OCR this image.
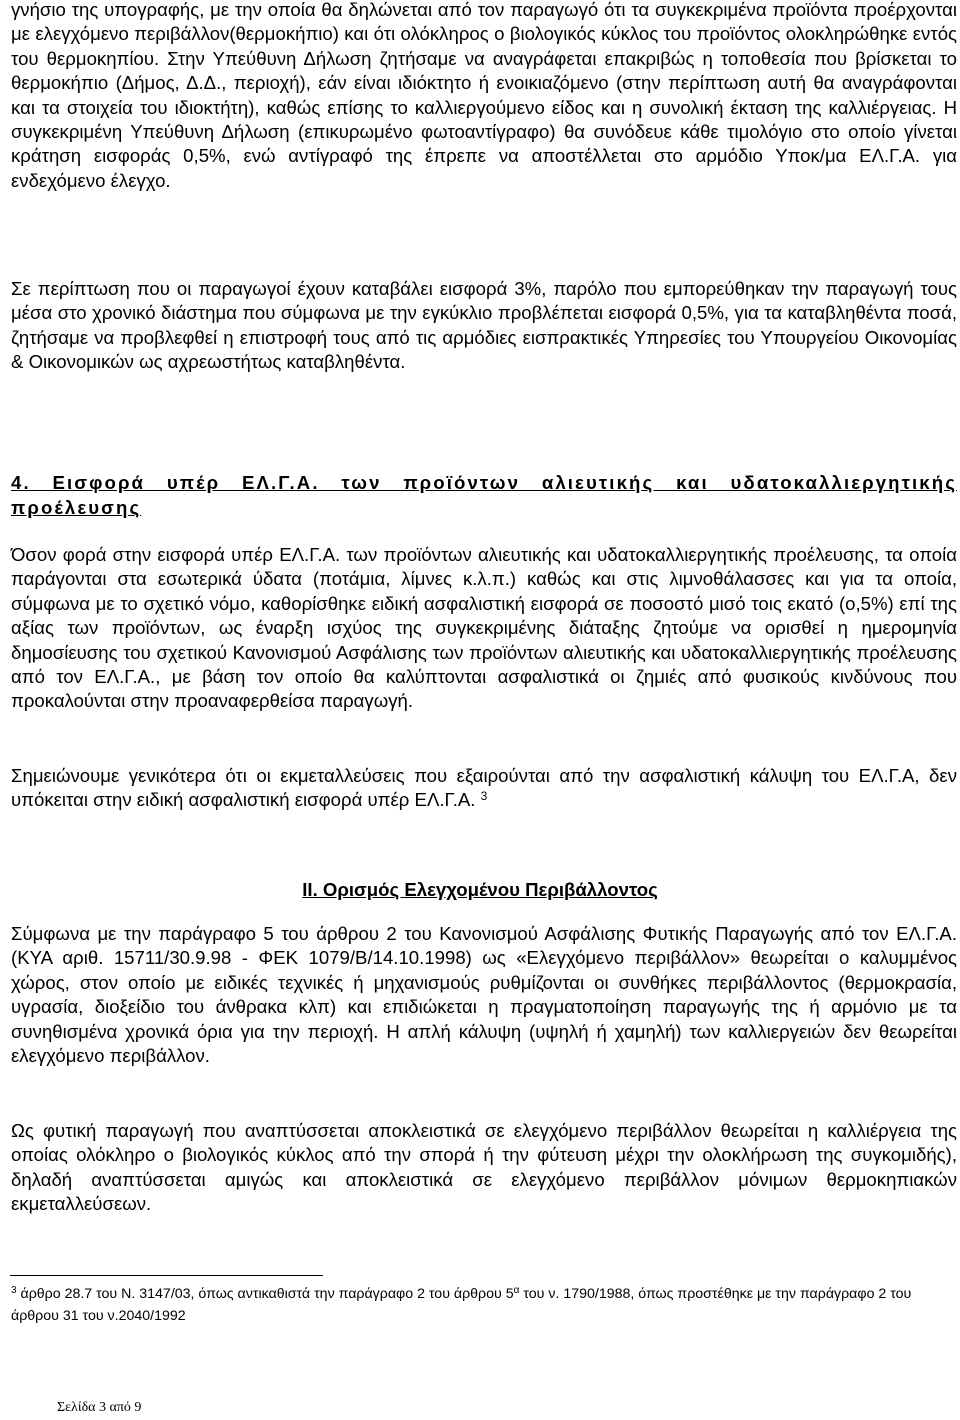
γνήσιο της υπογραφής, με την οποία θα δηλώνεται από τον παραγωγό ότι τα συγκεκριμένα προϊόντα προέρχονται με ελεγχόμενο περιβάλλον(θερμοκήπιο) και ότι ολόκληρος ο βιολογικός κύκλος του προϊόντος ολοκληρώθηκε εντός του θερμοκηπίου. Στην Υπεύθυνη Δήλωση ζητήσαμε να αναγράφεται επακριβώς η τοποθεσία που βρίσκεται το θερμοκήπιο (Δήμος, Δ.Δ., περιοχή), εάν είναι ιδιόκτητο ή ενοικιαζόμενο (στην περίπτωση αυτή θα αναγράφονται και τα στοιχεία του ιδιοκτήτη), καθώς επίσης το καλλιεργούμενο είδος και η συνολική έκταση της καλλιέργειας. Η συγκεκριμένη Υπεύθυνη Δήλωση (επικυρωμένο φωτοαντίγραφο) θα συνόδευε κάθε τιμολόγιο στο οποίο γίνεται κράτηση εισφοράς 0,5%, ενώ αντίγραφό της έπρεπε να αποστέλλεται στο αρμόδιο Υποκ/μα ΕΛ.Γ.Α. για ενδεχόμενο έλεγχο.

Σε περίπτωση που οι παραγωγοί έχουν καταβάλει εισφορά 3%, παρόλο που εμπορεύθηκαν την παραγωγή τους μέσα στο χρονικό διάστημα που σύμφωνα με την εγκύκλιο προβλέπεται εισφορά 0,5%, για τα καταβληθέντα ποσά, ζητήσαμε να προβλεφθεί η επιστροφή τους από τις αρμόδιες εισπρακτικές Υπηρεσίες του Υπουργείου Οικονομίας & Οικονομικών ως αχρεωστήτως καταβληθέντα.

4. Εισφορά υπέρ ΕΛ.Γ.Α. των προϊόντων αλιευτικής και υδατοκαλλιεργητικής προέλευσης

Όσον φορά στην εισφορά υπέρ ΕΛ.Γ.Α. των προϊόντων αλιευτικής και υδατοκαλλιεργητικής προέλευσης, τα οποία παράγονται στα εσωτερικά ύδατα (ποτάμια, λίμνες κ.λ.π.) καθώς και στις λιμνοθάλασσες και για τα οποία, σύμφωνα με το σχετικό νόμο, καθορίσθηκε ειδική ασφαλιστική εισφορά σε ποσοστό μισό τοις εκατό (ο,5%) επί της αξίας των προϊόντων, ως έναρξη ισχύος της συγκεκριμένης διάταξης ζητούμε να ορισθεί η ημερομηνία δημοσίευσης του σχετικού Κανονισμού Ασφάλισης των προϊόντων αλιευτικής και υδατοκαλλιεργητικής προέλευσης από τον ΕΛ.Γ.Α., με βάση τον οποίο θα καλύπτονται ασφαλιστικά οι ζημιές από φυσικούς κινδύνους που προκαλούνται στην προαναφερθείσα παραγωγή.

Σημειώνουμε γενικότερα ότι οι εκμεταλλεύσεις που εξαιρούνται από την ασφαλιστική κάλυψη του ΕΛ.Γ.Α, δεν υπόκειται στην ειδική ασφαλιστική εισφορά υπέρ ΕΛ.Γ.Α. $^3$

ΙΙ. Ορισμός Ελεγχομένου Περιβάλλοντος

Σύμφωνα με την παράγραφο 5 του άρθρου 2 του Κανονισμού Ασφάλισης Φυτικής Παραγωγής από τον ΕΛ.Γ.Α. (ΚΥΑ αριθ. 15711/30.9.98 - ΦΕΚ 1079/Β/14.10.1998) ως «Ελεγχόμενο περιβάλλον» θεωρείται ο καλυμμένος χώρος, στον οποίο με ειδικές τεχνικές ή μηχανισμούς ρυθμίζονται οι συνθήκες περιβάλλοντος (θερμοκρασία, υγρασία, διοξείδιο του άνθρακα κλπ) και επιδιώκεται η πραγματοποίηση παραγωγής της ή αρμόνιο με τα συνηθισμένα χρονικά όρια για την περιοχή. Η απλή κάλυψη (υψηλή ή χαμηλή) των καλλιεργειών δεν θεωρείται ελεγχόμενο περιβάλλον.

Ως φυτική παραγωγή που αναπτύσσεται αποκλειστικά σε ελεγχόμενο περιβάλλον θεωρείται η καλλιέργεια της οποίας ολόκληρο ο βιολογικός κύκλος από την σπορά ή την φύτευση μέχρι την ολοκλήρωση της συγκομιδής), δηλαδή αναπτύσσεται αμιγώς και αποκλειστικά σε ελεγχόμενο περιβάλλον μόνιμων θερμοκηπιακών εκμεταλλεύσεων.

$^3$ άρθρο 28.7 του Ν. 3147/03, όπως αντικαθιστά την παράγραφο 2 του άρθρου $5^\alpha$ του ν. 1790/1988, όπως προστέθηκε με την παράγραφο 2 του άρθρου 31 του ν.2040/1992

Σελίδα 3 από 9
